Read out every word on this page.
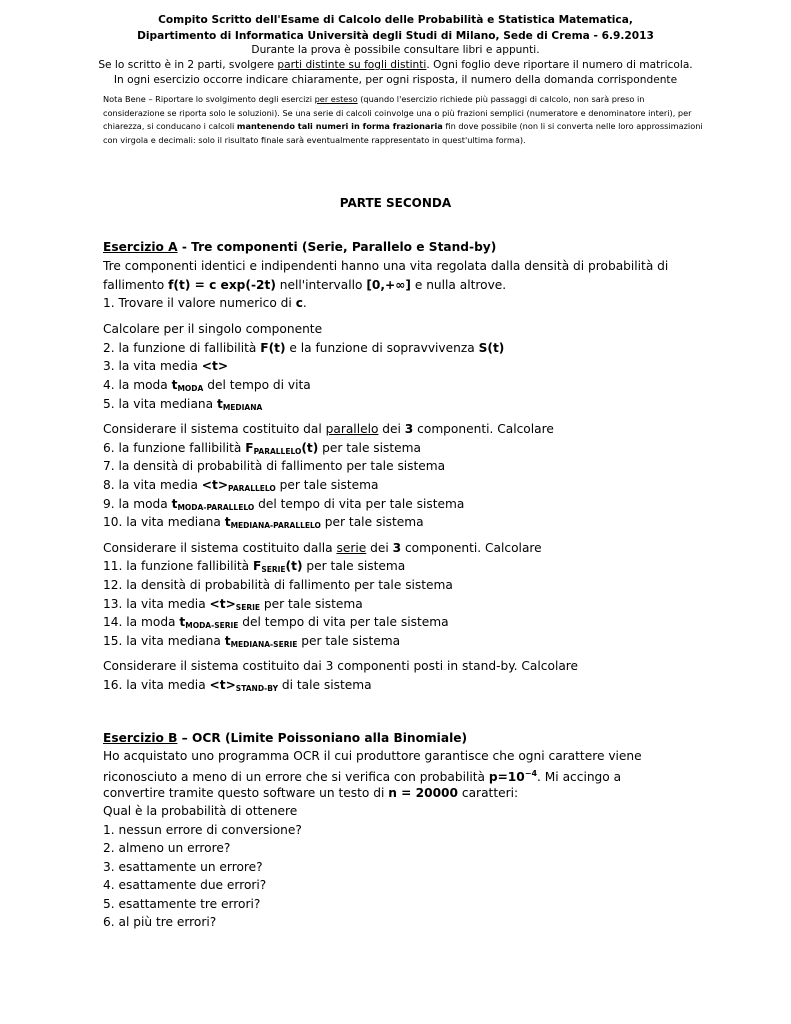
Compito Scritto dell'Esame di Calcolo delle Probabilità e Statistica Matematica,
Dipartimento di Informatica Università degli Studi di Milano, Sede di Crema - 6.9.2013
Durante la prova è possibile consultare libri e appunti.
Se lo scritto è in 2 parti, svolgere parti distinte su fogli distinti. Ogni foglio deve riportare il numero di matricola.
In ogni esercizio occorre indicare chiaramente, per ogni risposta, il numero della domanda corrispondente
Nota Bene – Riportare lo svolgimento degli esercizi per esteso (quando l'esercizio richiede più passaggi di calcolo, non sarà preso in considerazione se riporta solo le soluzioni). Se una serie di calcoli coinvolge una o più frazioni semplici (numeratore e denominatore interi), per chiarezza, si conducano i calcoli mantenendo tali numeri in forma frazionaria fin dove possibile (non li si converta nelle loro approssimazioni con virgola e decimali: solo il risultato finale sarà eventualmente rappresentato in quest'ultima forma).
PARTE SECONDA
Esercizio A - Tre componenti (Serie, Parallelo e Stand-by)
Tre componenti identici e indipendenti hanno una vita regolata dalla densità di probabilità di
fallimento f(t) = c exp(-2t) nell'intervallo [0,+∞] e nulla altrove.
1. Trovare il valore numerico di c.
Calcolare per il singolo componente
2. la funzione di fallibilità F(t) e la funzione di sopravvivenza S(t)
3. la vita media <t>
4. la moda $t_{MODA}$ del tempo di vita
5. la vita mediana $t_{MEDIANA}$
Considerare il sistema costituito dal parallelo dei 3 componenti. Calcolare
6. la funzione fallibilità $F_{PARALLELO}(t)$ per tale sistema
7. la densità di probabilità di fallimento per tale sistema
8. la vita media $<t>_{PARALLELO}$ per tale sistema
9. la moda $t_{MODA-PARALLELO}$ del tempo di vita per tale sistema
10. la vita mediana $t_{MEDIANA-PARALLELO}$ per tale sistema
Considerare il sistema costituito dalla serie dei 3 componenti. Calcolare
11. la funzione fallibilità $F_{SERIE}(t)$ per tale sistema
12. la densità di probabilità di fallimento per tale sistema
13. la vita media $<t>_{SERIE}$ per tale sistema
14. la moda $t_{MODA-SERIE}$ del tempo di vita per tale sistema
15. la vita mediana $t_{MEDIANA-SERIE}$ per tale sistema
Considerare il sistema costituito dai 3 componenti posti in stand-by. Calcolare
16. la vita media $<t>_{STAND-BY}$ di tale sistema
Esercizio B – OCR (Limite Poissoniano alla Binomiale)
Ho acquistato uno programma OCR il cui produttore garantisce che ogni carattere viene
riconosciuto a meno di un errore che si verifica con probabilità $p=10^{-4}$. Mi accingo a
convertire tramite questo software un testo di n = 20000 caratteri:
Qual è la probabilità di ottenere
1. nessun errore di conversione?
2. almeno un errore?
3. esattamente un errore?
4. esattamente due errori?
5. esattamente tre errori?
6. al più tre errori?
